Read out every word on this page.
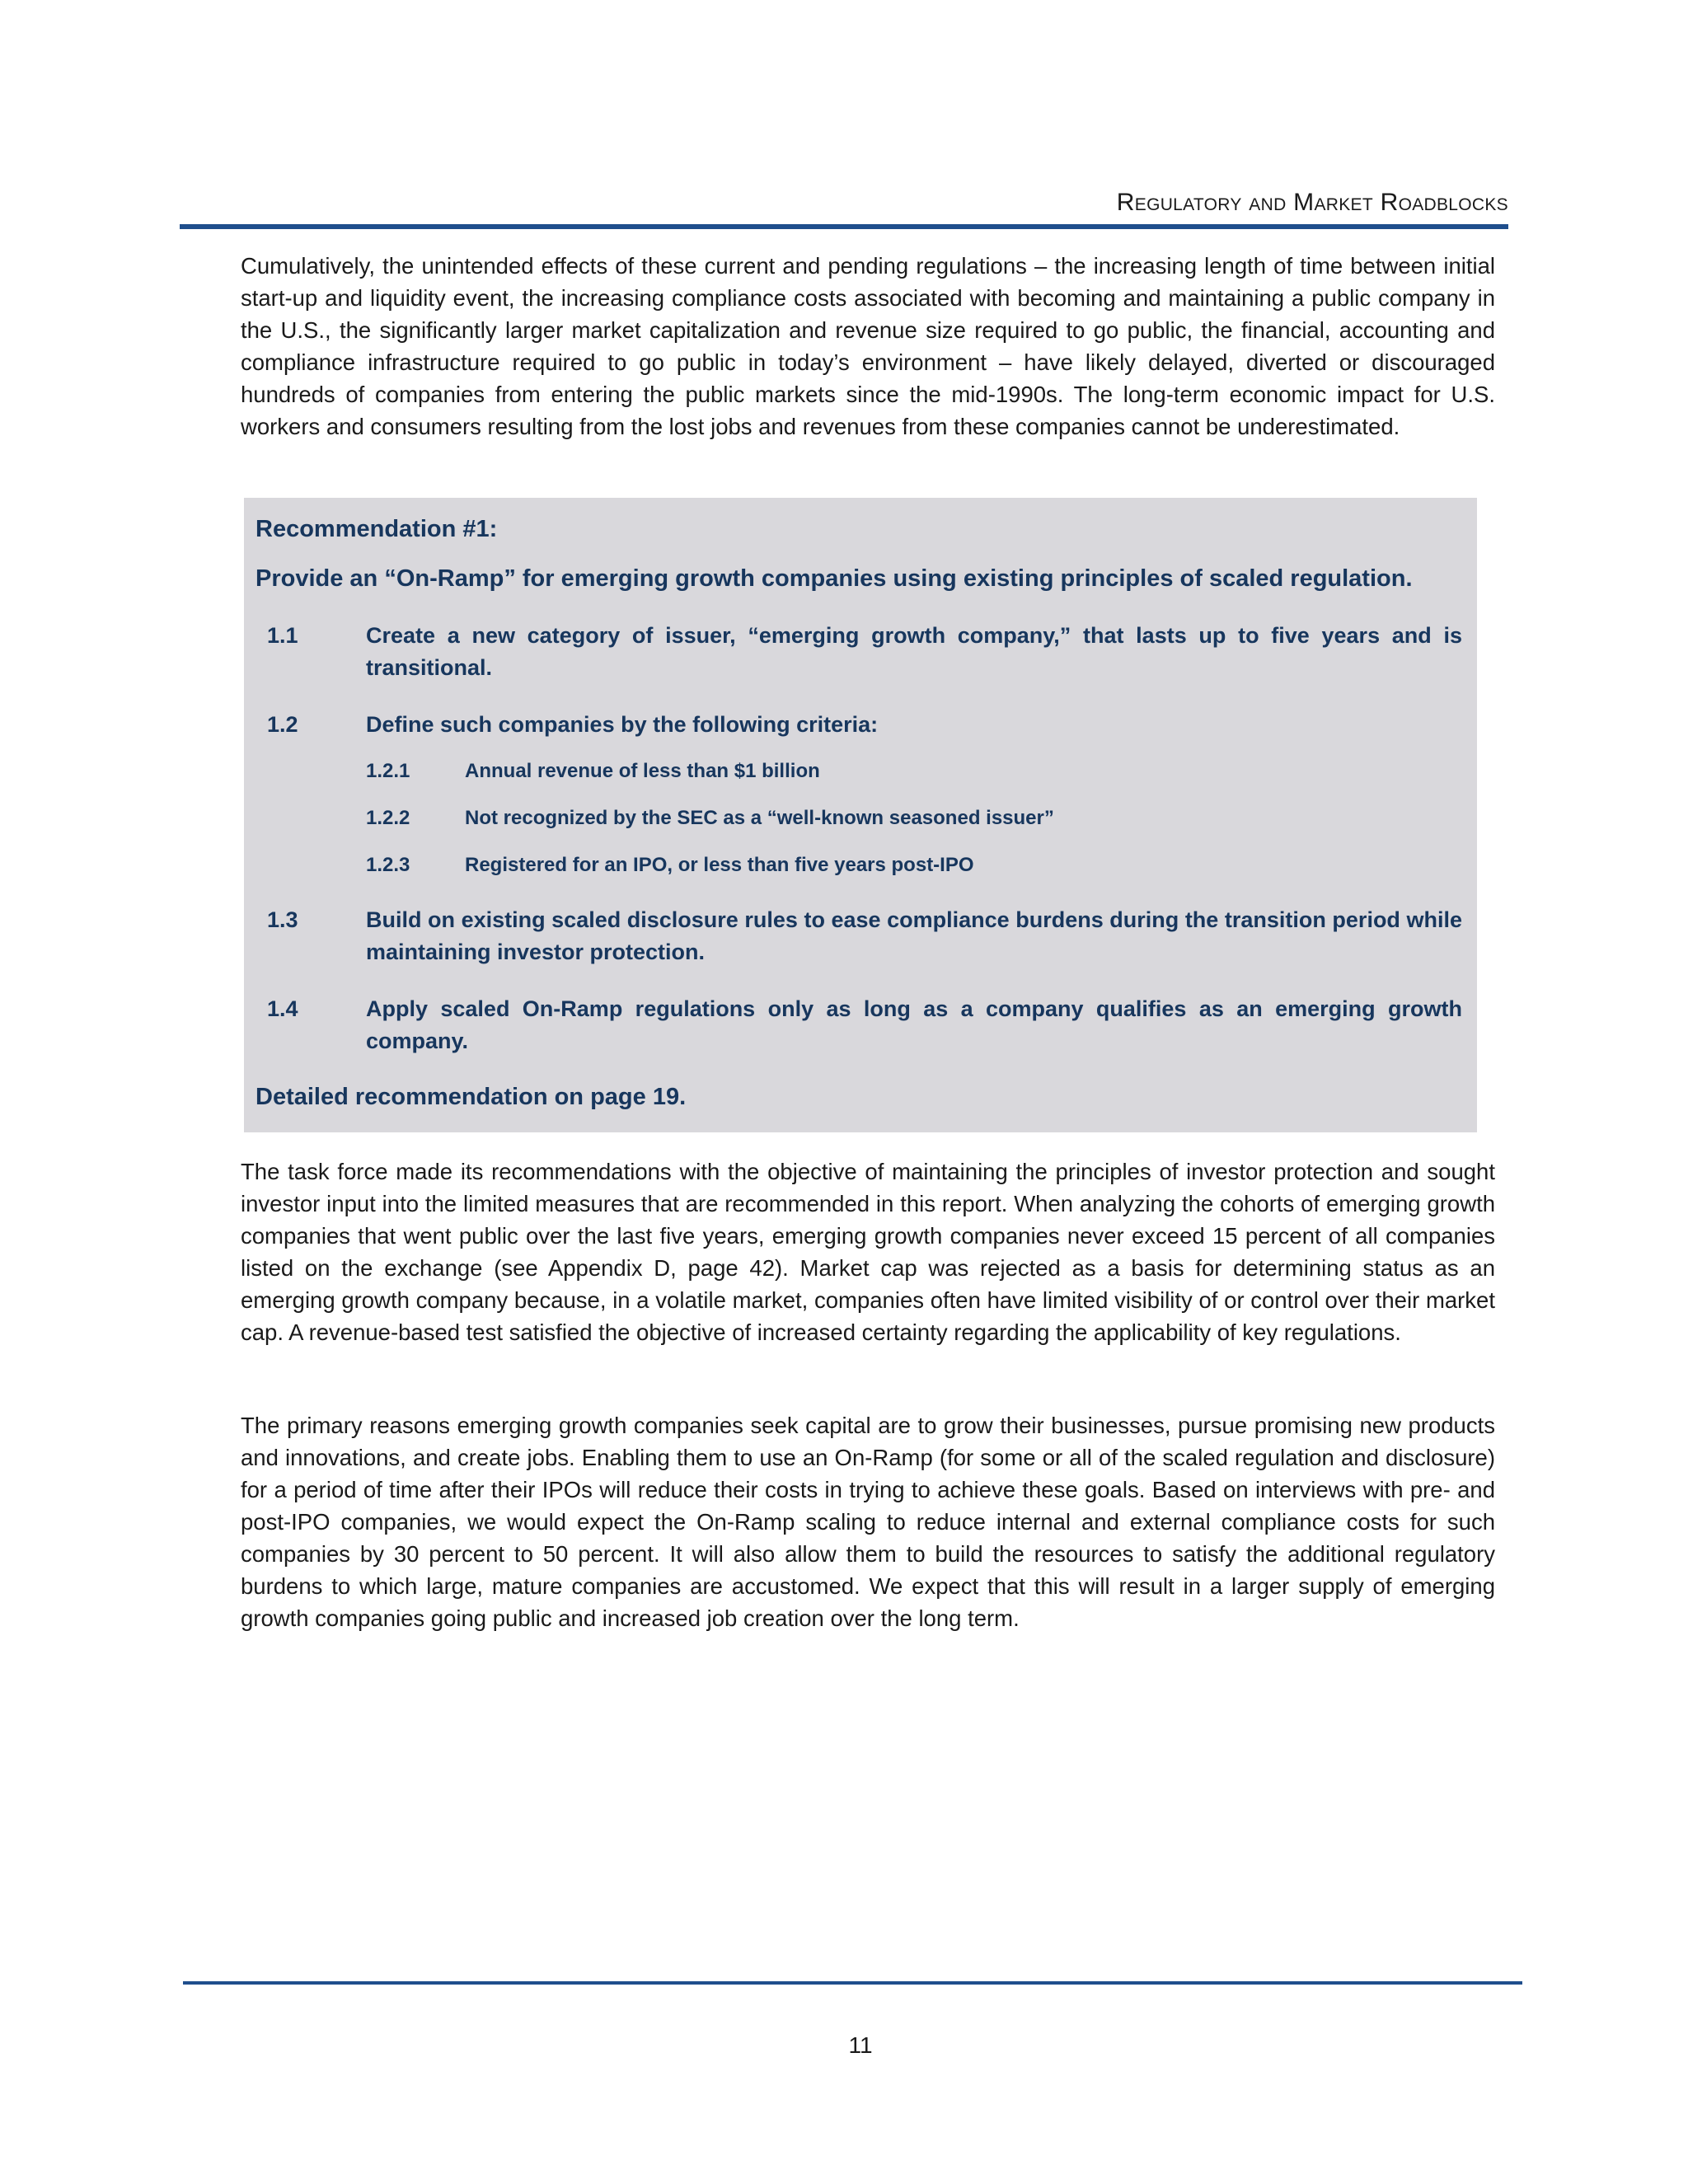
Regulatory and Market Roadblocks

Cumulatively, the unintended effects of these current and pending regulations – the increasing length of time between initial start-up and liquidity event, the increasing compliance costs associated with becoming and maintaining a public company in the U.S., the significantly larger market capitalization and revenue size required to go public, the financial, accounting and compliance infrastructure required to go public in today’s environment – have likely delayed, diverted or discouraged hundreds of companies from entering the public markets since the mid-1990s. The long-term economic impact for U.S. workers and consumers resulting from the lost jobs and revenues from these companies cannot be underestimated.

Recommendation #1:
Provide an “On-Ramp” for emerging growth companies using existing principles of scaled regulation.
1.1	Create a new category of issuer, “emerging growth company,” that lasts up to five years and is transitional.
1.2	Define such companies by the following criteria:
1.2.1	Annual revenue of less than $1 billion
1.2.2	Not recognized by the SEC as a “well-known seasoned issuer”
1.2.3	Registered for an IPO, or less than five years post-IPO
1.3	Build on existing scaled disclosure rules to ease compliance burdens during the transition period while maintaining investor protection.
1.4	Apply scaled On-Ramp regulations only as long as a company qualifies as an emerging growth company.
Detailed recommendation on page 19.

The task force made its recommendations with the objective of maintaining the principles of investor protection and sought investor input into the limited measures that are recommended in this report. When analyzing the cohorts of emerging growth companies that went public over the last five years, emerging growth companies never exceed 15 percent of all companies listed on the exchange (see Appendix D, page 42). Market cap was rejected as a basis for determining status as an emerging growth company because, in a volatile market, companies often have limited visibility of or control over their market cap. A revenue-based test satisfied the objective of increased certainty regarding the applicability of key regulations.

The primary reasons emerging growth companies seek capital are to grow their businesses, pursue promising new products and innovations, and create jobs. Enabling them to use an On-Ramp (for some or all of the scaled regulation and disclosure) for a period of time after their IPOs will reduce their costs in trying to achieve these goals. Based on interviews with pre- and post-IPO companies, we would expect the On-Ramp scaling to reduce internal and external compliance costs for such companies by 30 percent to 50 percent. It will also allow them to build the resources to satisfy the additional regulatory burdens to which large, mature companies are accustomed. We expect that this will result in a larger supply of emerging growth companies going public and increased job creation over the long term.

11
